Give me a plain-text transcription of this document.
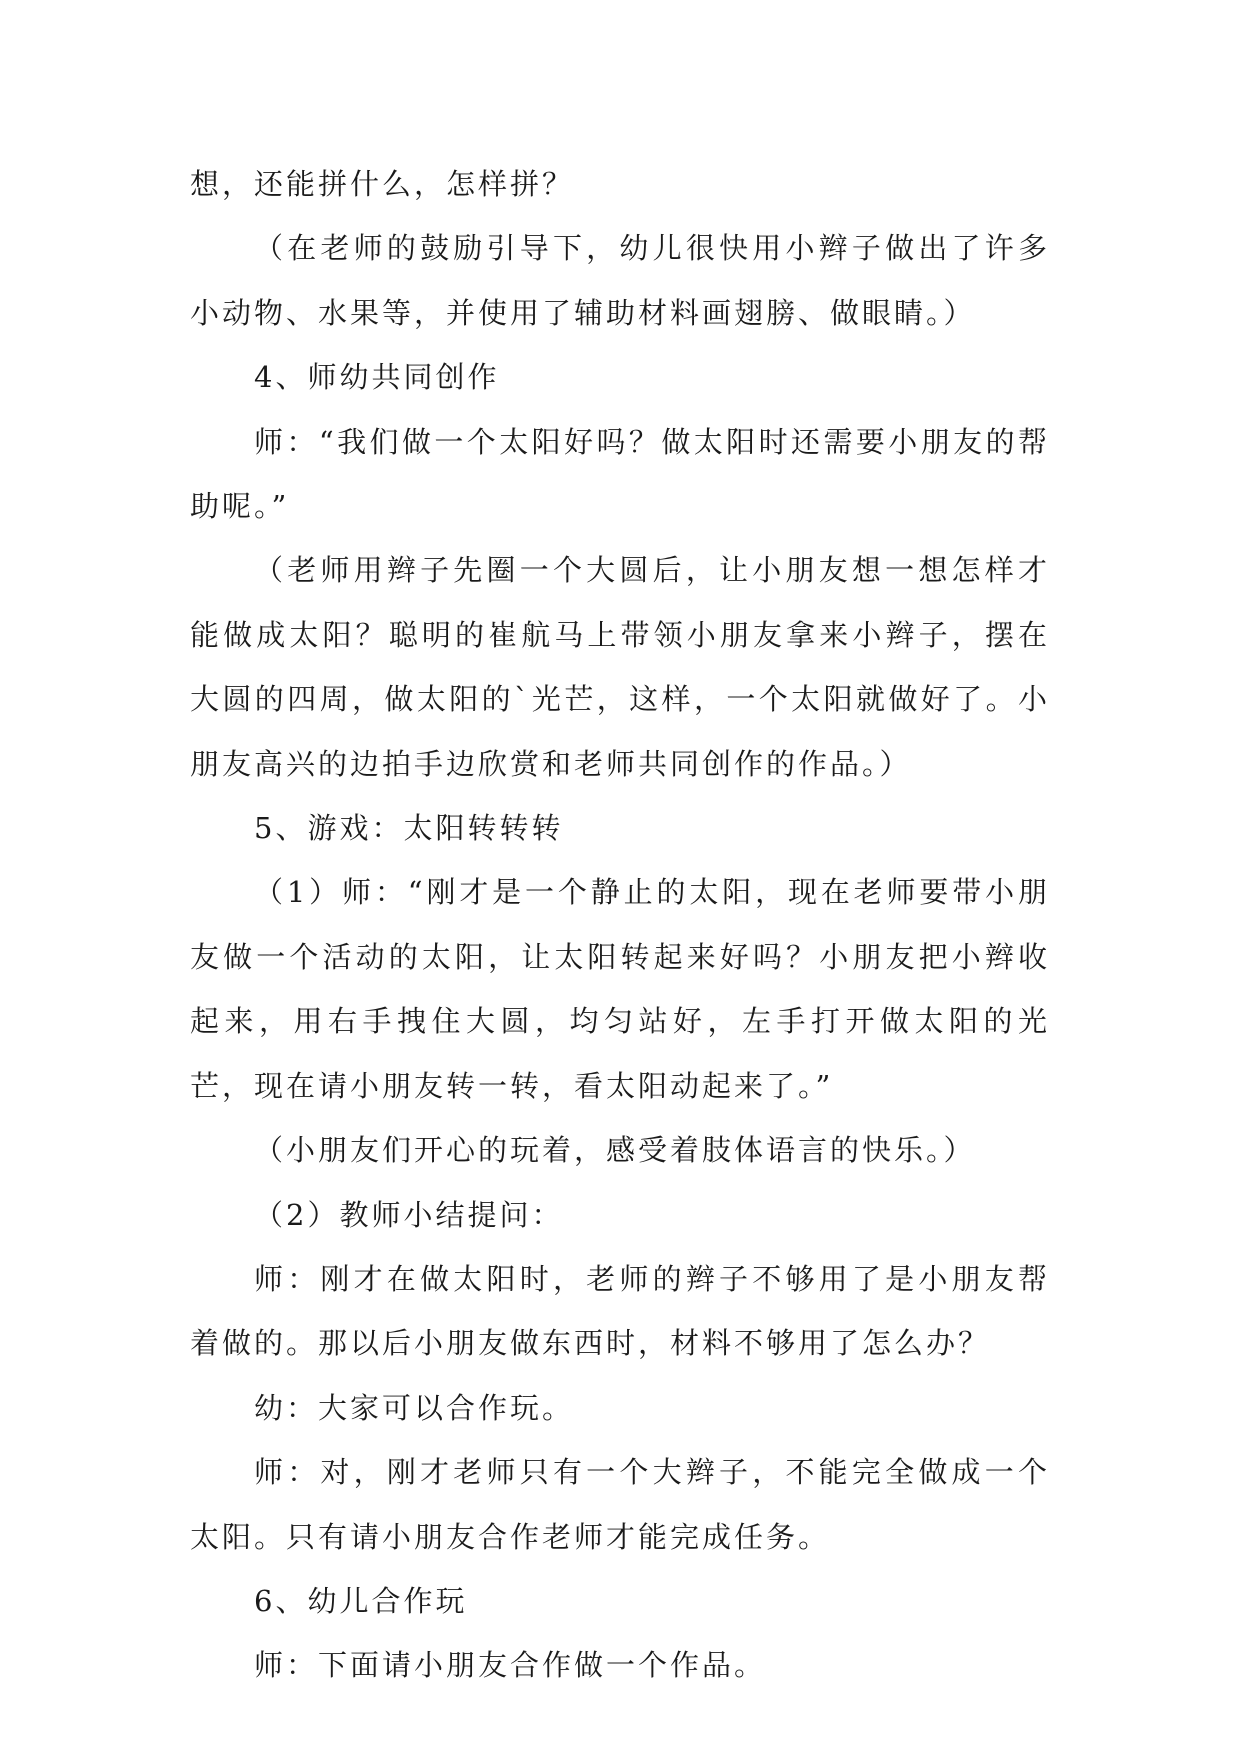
想，还能拼什么，怎样拼？

（在老师的鼓励引导下，幼儿很快用小辫子做出了许多小动物、水果等，并使用了辅助材料画翅膀、做眼睛。）

4、师幼共同创作

师：“我们做一个太阳好吗？做太阳时还需要小朋友的帮助呢。”

（老师用辫子先圈一个大圆后，让小朋友想一想怎样才能做成太阳？聪明的崔航马上带领小朋友拿来小辫子，摆在大圆的四周，做太阳的`光芒，这样，一个太阳就做好了。小朋友高兴的边拍手边欣赏和老师共同创作的作品。）

5、游戏：太阳转转转

（1）师：“刚才是一个静止的太阳，现在老师要带小朋友做一个活动的太阳，让太阳转起来好吗？小朋友把小辫收起来，用右手拽住大圆，均匀站好，左手打开做太阳的光芒，现在请小朋友转一转，看太阳动起来了。”

（小朋友们开心的玩着，感受着肢体语言的快乐。）

（2）教师小结提问：

师：刚才在做太阳时，老师的辫子不够用了是小朋友帮着做的。那以后小朋友做东西时，材料不够用了怎么办？

幼：大家可以合作玩。

师：对，刚才老师只有一个大辫子，不能完全做成一个太阳。只有请小朋友合作老师才能完成任务。

6、幼儿合作玩

师：下面请小朋友合作做一个作品。
